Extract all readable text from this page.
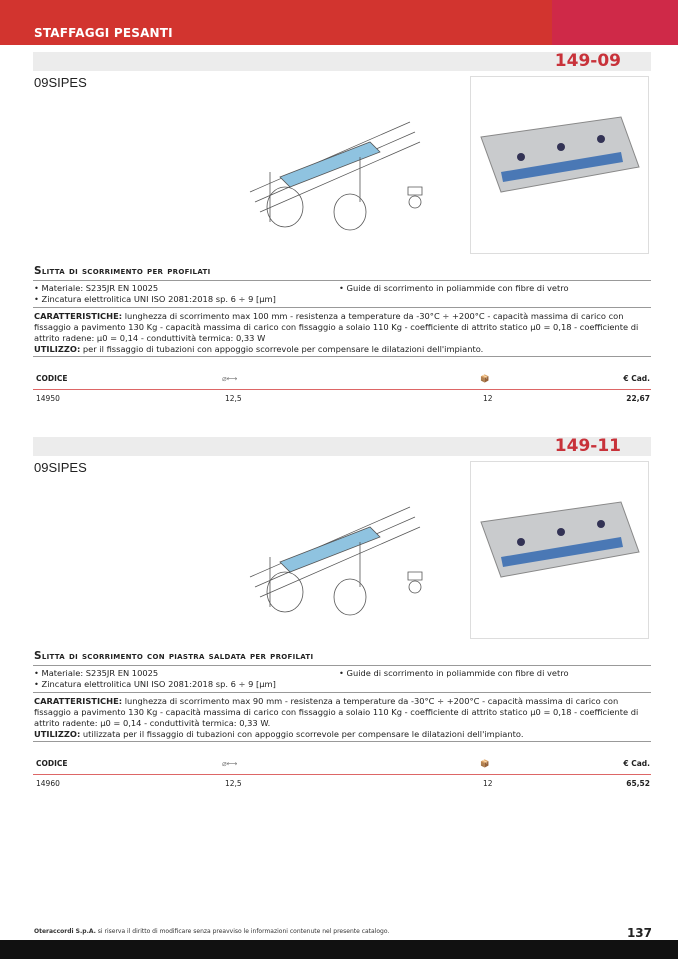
STAFFAGGI PESANTI
149-09
09SIPES
Slitta di scorrimento per profilati
• Materiale: S235JR EN 10025
• Zincatura elettrolitica UNI ISO 2081:2018 sp. 6 ÷ 9 [µm]
• Guide di scorrimento in poliammide con fibre di vetro
CARATTERISTICHE: lunghezza di scorrimento max 100 mm - resistenza a temperature da -30°C ÷ +200°C - capacità massima di carico con fissaggio a pavimento 130 Kg - capacità massima di carico con fissaggio a solaio 110 Kg - coefficiente di attrito statico µ0 = 0,18 - coefficiente di attrito radene: µ0 = 0,14 - conduttività termica: 0,33 W
UTILIZZO: per il fissaggio di tubazioni con appoggio scorrevole per compensare le dilatazioni dell'impianto.
CODICE	⌀⟷	📦	€ Cad.
14950	12,5	12	22,67
149-11
09SIPES
Slitta di scorrimento con piastra saldata per profilati
• Materiale: S235JR EN 10025
• Zincatura elettrolitica UNI ISO 2081:2018 sp. 6 ÷ 9 [µm]
• Guide di scorrimento in poliammide con fibre di vetro
CARATTERISTICHE: lunghezza di scorrimento max 90 mm - resistenza a temperature da -30°C ÷ +200°C - capacità massima di carico con fissaggio a pavimento 130 Kg - capacità massima di carico con fissaggio a solaio 110 Kg - coefficiente di attrito statico µ0 = 0,18 - coefficiente di attrito radente: µ0 = 0,14 - conduttività termica: 0,33 W.
UTILIZZO: utilizzata per il fissaggio di tubazioni con appoggio scorrevole per compensare le dilatazioni dell'impianto.
CODICE	⌀⟷	📦	€ Cad.
14960	12,5	12	65,52
Oteraccordi S.p.A. si riserva il diritto di modificare senza preavviso le informazioni contenute nel presente catalogo.	137
